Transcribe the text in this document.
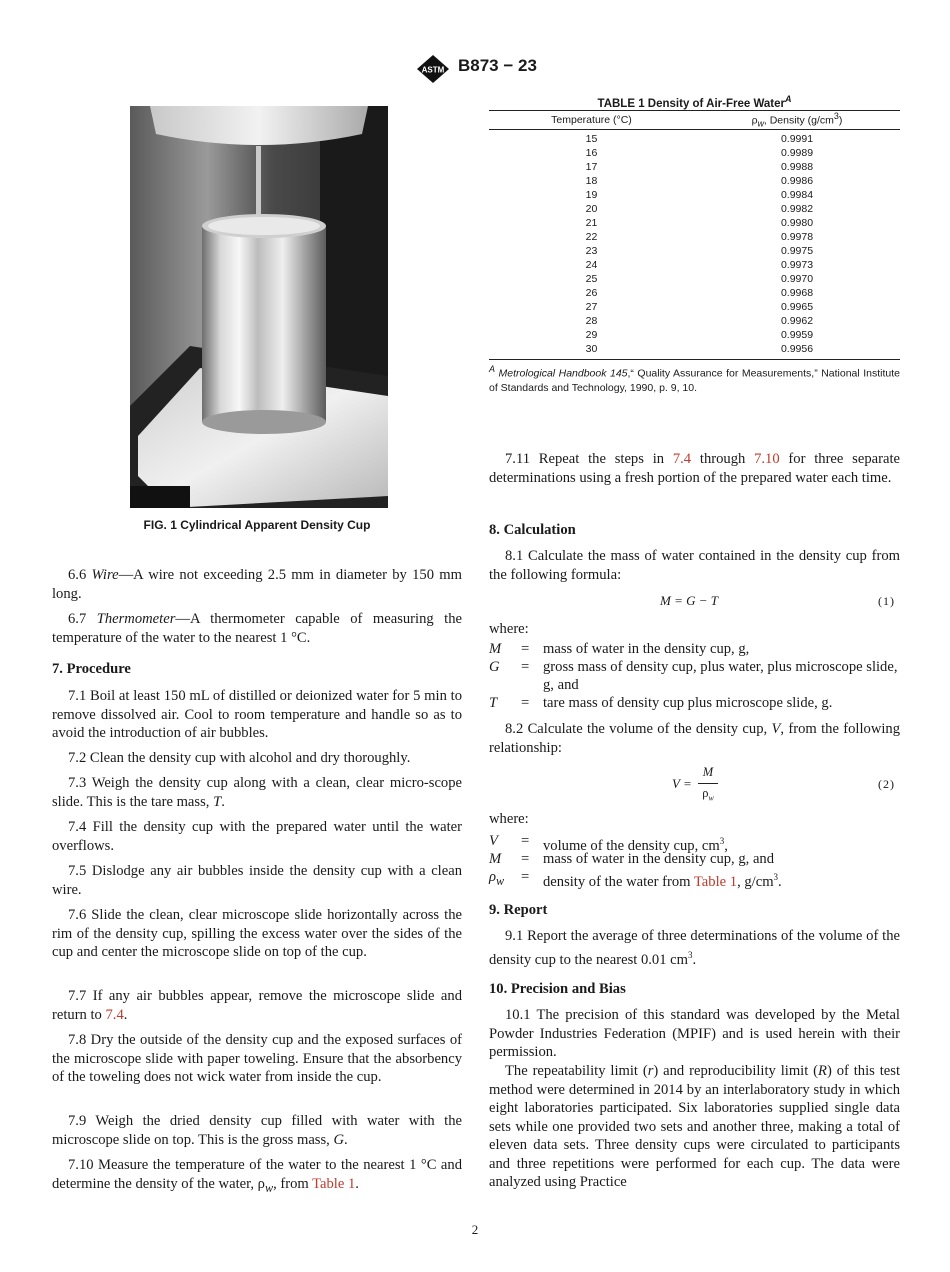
ASTM B873 − 23
FIG. 1 Cylindrical Apparent Density Cup

6.6 Wire—A wire not exceeding 2.5 mm in diameter by 150 mm long.

6.7 Thermometer—A thermometer capable of measuring the temperature of the water to the nearest 1 °C.

7. Procedure

7.1 Boil at least 150 mL of distilled or deionized water for 5 min to remove dissolved air. Cool to room temperature and handle so as to avoid the introduction of air bubbles.

7.2 Clean the density cup with alcohol and dry thoroughly.

7.3 Weigh the density cup along with a clean, clear micro-scope slide. This is the tare mass, T.

7.4 Fill the density cup with the prepared water until the water overflows.

7.5 Dislodge any air bubbles inside the density cup with a clean wire.

7.6 Slide the clean, clear microscope slide horizontally across the rim of the density cup, spilling the excess water over the sides of the cup and center the microscope slide on top of the cup.

7.7 If any air bubbles appear, remove the microscope slide and return to 7.4.

7.8 Dry the outside of the density cup and the exposed surfaces of the microscope slide with paper toweling. Ensure that the absorbency of the toweling does not wick water from inside the cup.

7.9 Weigh the dried density cup filled with water with the microscope slide on top. This is the gross mass, G.

7.10 Measure the temperature of the water to the nearest 1 °C and determine the density of the water, $\rho_w$, from Table 1.

TABLE 1 Density of Air-Free Water$^A$
Temperature (°C)	$\rho_w$, Density $(g/cm^3)$
15	0.9991
16	0.9989
17	0.9988
18	0.9986
19	0.9984
20	0.9982
21	0.9980
22	0.9978
23	0.9975
24	0.9973
25	0.9970
26	0.9968
27	0.9965
28	0.9962
29	0.9959
30	0.9956
$^A$ Metrological Handbook 145,“ Quality Assurance for Measurements,” National Institute of Standards and Technology, 1990, p. 9, 10.

7.11 Repeat the steps in 7.4 through 7.10 for three separate determinations using a fresh portion of the prepared water each time.

8. Calculation

8.1 Calculate the mass of water contained in the density cup from the following formula:

M = G − T	(1)

where:

M = mass of water in the density cup, g,
G = gross mass of density cup, plus water, plus microscope slide, g, and
T = tare mass of density cup plus microscope slide, g.

8.2 Calculate the volume of the density cup, V, from the following relationship:

V =
M
$\rho_w$
(2)

where:

V = volume of the density cup, $cm^3$,
M = mass of water in the density cup, g, and
$\rho_w$ = density of the water from Table 1, $g/cm^3$.

9. Report

9.1 Report the average of three determinations of the volume of the density cup to the nearest 0.01 $cm^3$.

10. Precision and Bias

10.1 The precision of this standard was developed by the Metal Powder Industries Federation (MPIF) and is used herein with their permission.

The repeatability limit (r) and reproducibility limit (R) of this test method were determined in 2014 by an interlaboratory study in which eight laboratories participated. Six laboratories supplied single data sets while one provided two sets and another three, making a total of eleven data sets. Three density cups were circulated to participants and three repetitions were performed for each cup. The data were analyzed using Practice

2
